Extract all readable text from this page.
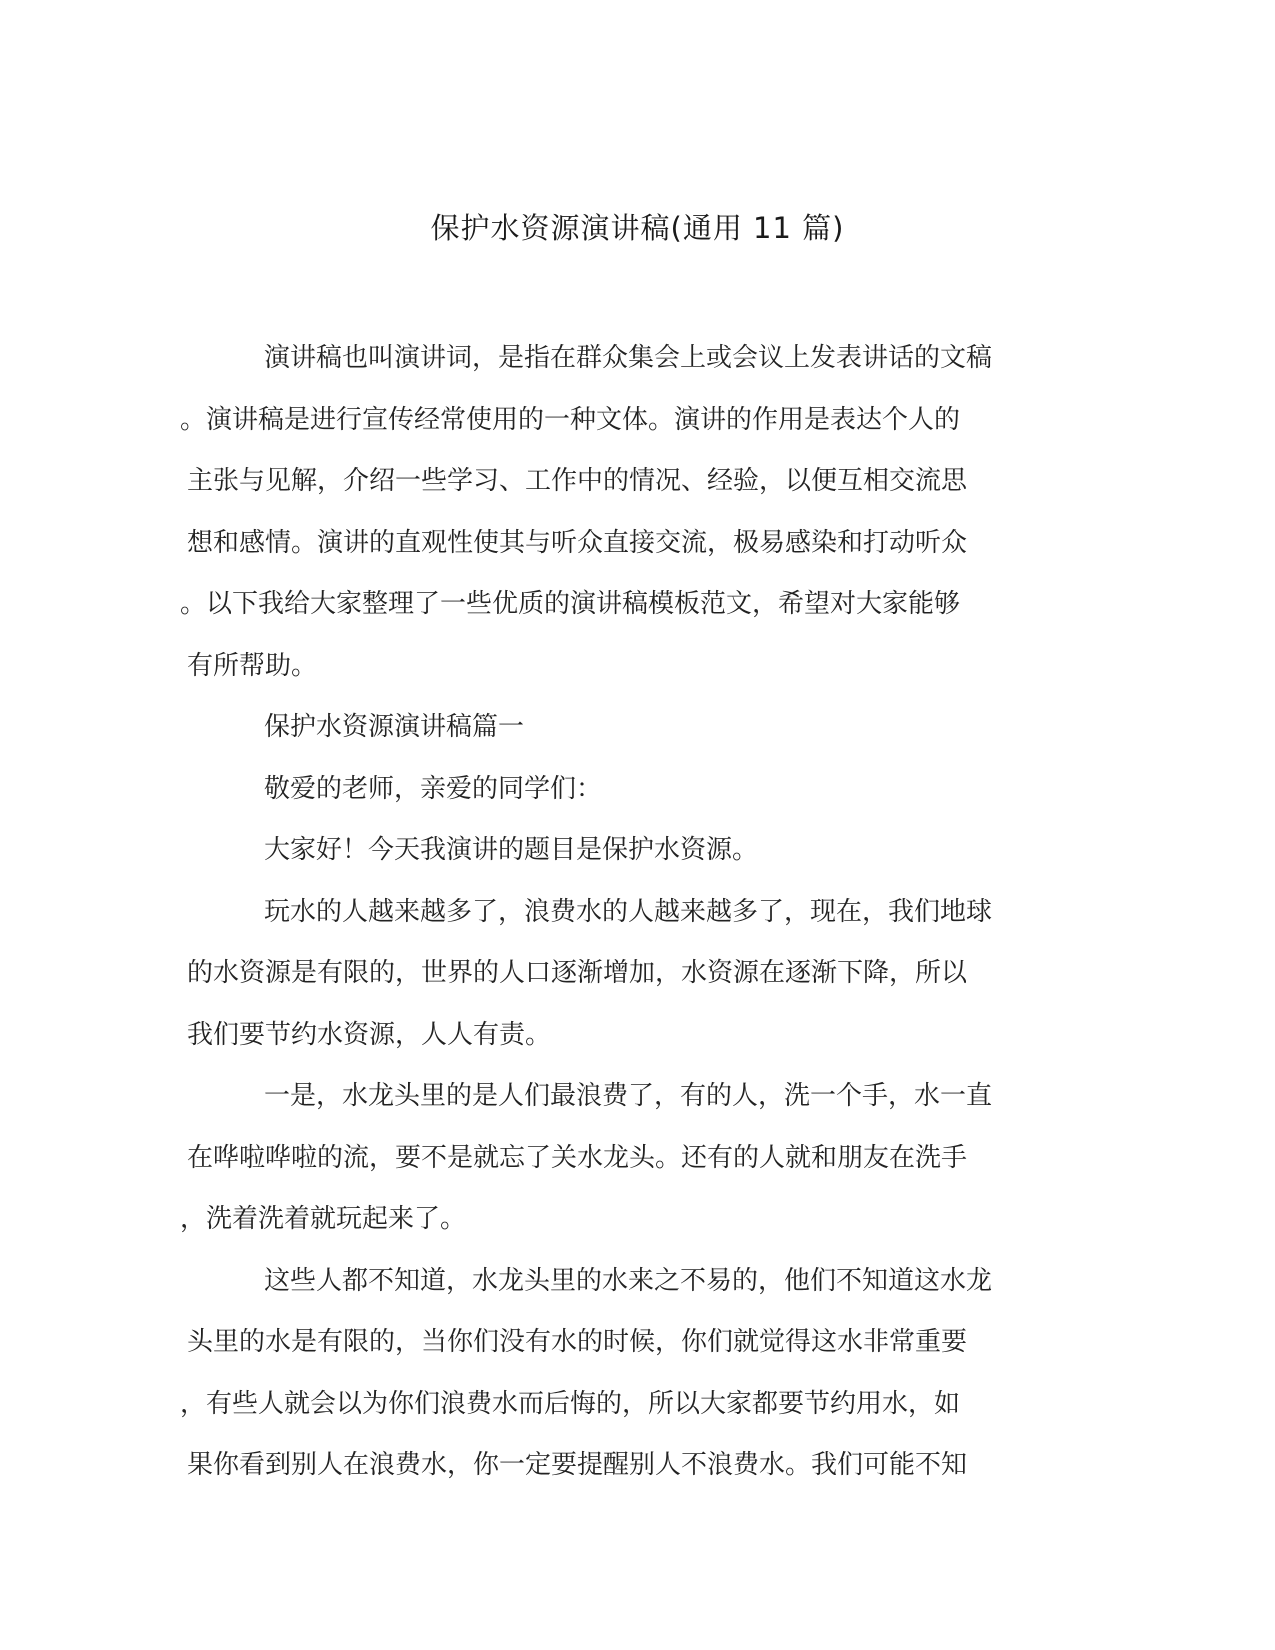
保护水资源演讲稿(通用 11 篇)
演讲稿也叫演讲词，是指在群众集会上或会议上发表讲话的文稿
。演讲稿是进行宣传经常使用的一种文体。演讲的作用是表达个人的
主张与见解，介绍一些学习、工作中的情况、经验，以便互相交流思
想和感情。演讲的直观性使其与听众直接交流，极易感染和打动听众
。以下我给大家整理了一些优质的演讲稿模板范文，希望对大家能够
有所帮助。
保护水资源演讲稿篇一
敬爱的老师，亲爱的同学们：
大家好！今天我演讲的题目是保护水资源。
玩水的人越来越多了，浪费水的人越来越多了，现在，我们地球
的水资源是有限的，世界的人口逐渐增加，水资源在逐渐下降，所以
我们要节约水资源，人人有责。
一是，水龙头里的是人们最浪费了，有的人，洗一个手，水一直
在哗啦哗啦的流，要不是就忘了关水龙头。还有的人就和朋友在洗手
，洗着洗着就玩起来了。
这些人都不知道，水龙头里的水来之不易的，他们不知道这水龙
头里的水是有限的，当你们没有水的时候，你们就觉得这水非常重要
，有些人就会以为你们浪费水而后悔的，所以大家都要节约用水，如
果你看到别人在浪费水，你一定要提醒别人不浪费水。我们可能不知
